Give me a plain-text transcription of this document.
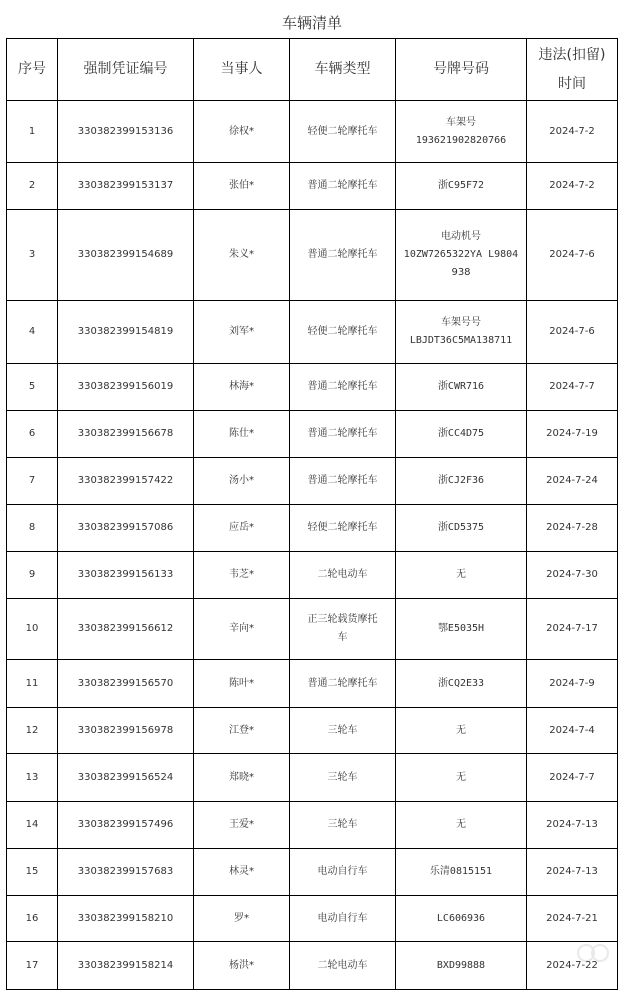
车辆清单
序号	强制凭证编号	当事人	车辆类型	号牌号码	违法(扣留)
时间

1	330382399153136	徐权*	轻便二轮摩托车	车架号
193621902820766	2024-7-2
2	330382399153137	张伯*	普通二轮摩托车	浙C95F72	2024-7-2
3	330382399154689	朱义*	普通二轮摩托车	电动机号
10ZW7265322YA L9804
938	2024-7-6
4	330382399154819	刘军*	轻便二轮摩托车	车架号号
LBJDT36C5MA138711	2024-7-6
5	330382399156019	林海*	普通二轮摩托车	浙CWR716	2024-7-7
6	330382399156678	陈仕*	普通二轮摩托车	浙CC4D75	2024-7-19
7	330382399157422	汤小*	普通二轮摩托车	浙CJ2F36	2024-7-24
8	330382399157086	应岳*	轻便二轮摩托车	浙CD5375	2024-7-28
9	330382399156133	韦芝*	二轮电动车	无	2024-7-30
10	330382399156612	辛向*	正三轮载货摩托
车	鄂E5035H	2024-7-17
11	330382399156570	陈叶*	普通二轮摩托车	浙CQ2E33	2024-7-9
12	330382399156978	江登*	三轮车	无	2024-7-4
13	330382399156524	郑晓*	三轮车	无	2024-7-7
14	330382399157496	王爱*	三轮车	无	2024-7-13
15	330382399157683	林灵*	电动自行车	乐清0815151	2024-7-13
16	330382399158210	罗*	电动自行车	LC606936	2024-7-21
17	330382399158214	杨洪*	二轮电动车	BXD99888	2024-7-22
